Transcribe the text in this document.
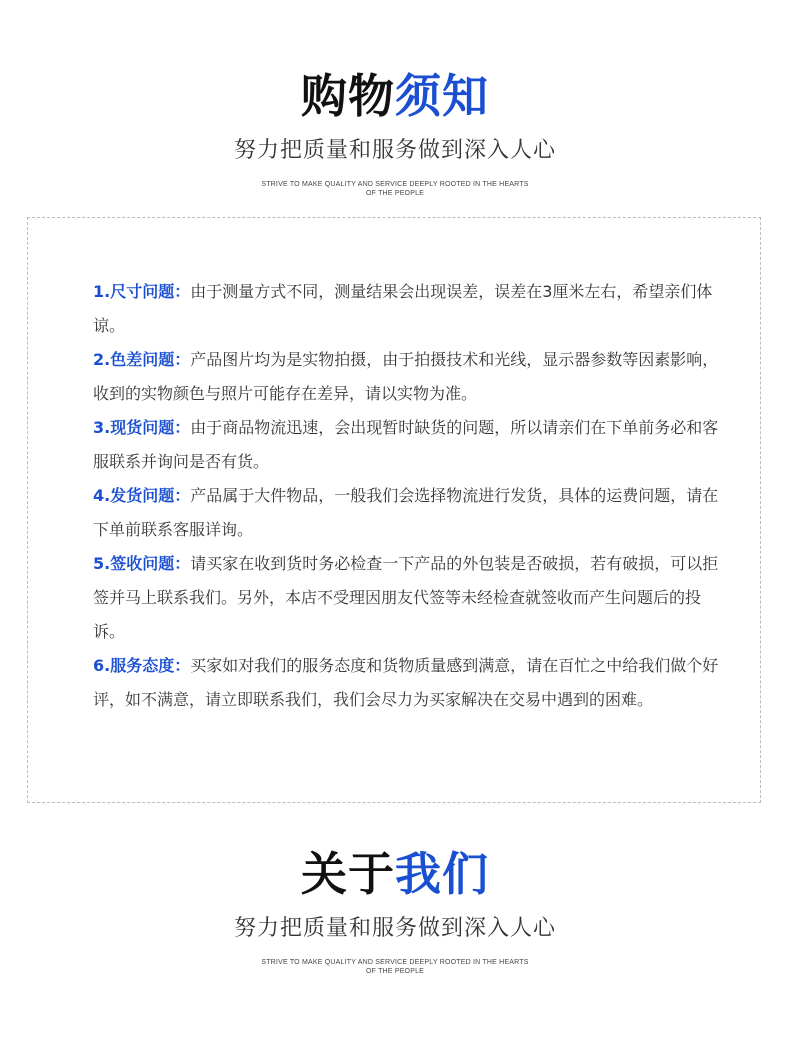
购物须知
努力把质量和服务做到深入人心
STRIVE TO MAKE QUALITY AND SERVICE DEEPLY ROOTED IN THE HEARTS
OF THE PEOPLE
1.尺寸问题：由于测量方式不同，测量结果会出现误差，误差在3厘米左右，希望亲们体谅。
2.色差问题：产品图片均为是实物拍摄，由于拍摄技术和光线，显示器参数等因素影响，收到的实物颜色与照片可能存在差异，请以实物为准。
3.现货问题：由于商品物流迅速，会出现暂时缺货的问题，所以请亲们在下单前务必和客服联系并询问是否有货。
4.发货问题：产品属于大件物品，一般我们会选择物流进行发货，具体的运费问题，请在下单前联系客服详询。
5.签收问题：请买家在收到货时务必检查一下产品的外包装是否破损，若有破损，可以拒签并马上联系我们。另外，本店不受理因朋友代签等未经检查就签收而产生问题后的投诉。
6.服务态度：买家如对我们的服务态度和货物质量感到满意，请在百忙之中给我们做个好评，如不满意，请立即联系我们，我们会尽力为买家解决在交易中遇到的困难。
关于我们
努力把质量和服务做到深入人心
STRIVE TO MAKE QUALITY AND SERVICE DEEPLY ROOTED IN THE HEARTS
OF THE PEOPLE
